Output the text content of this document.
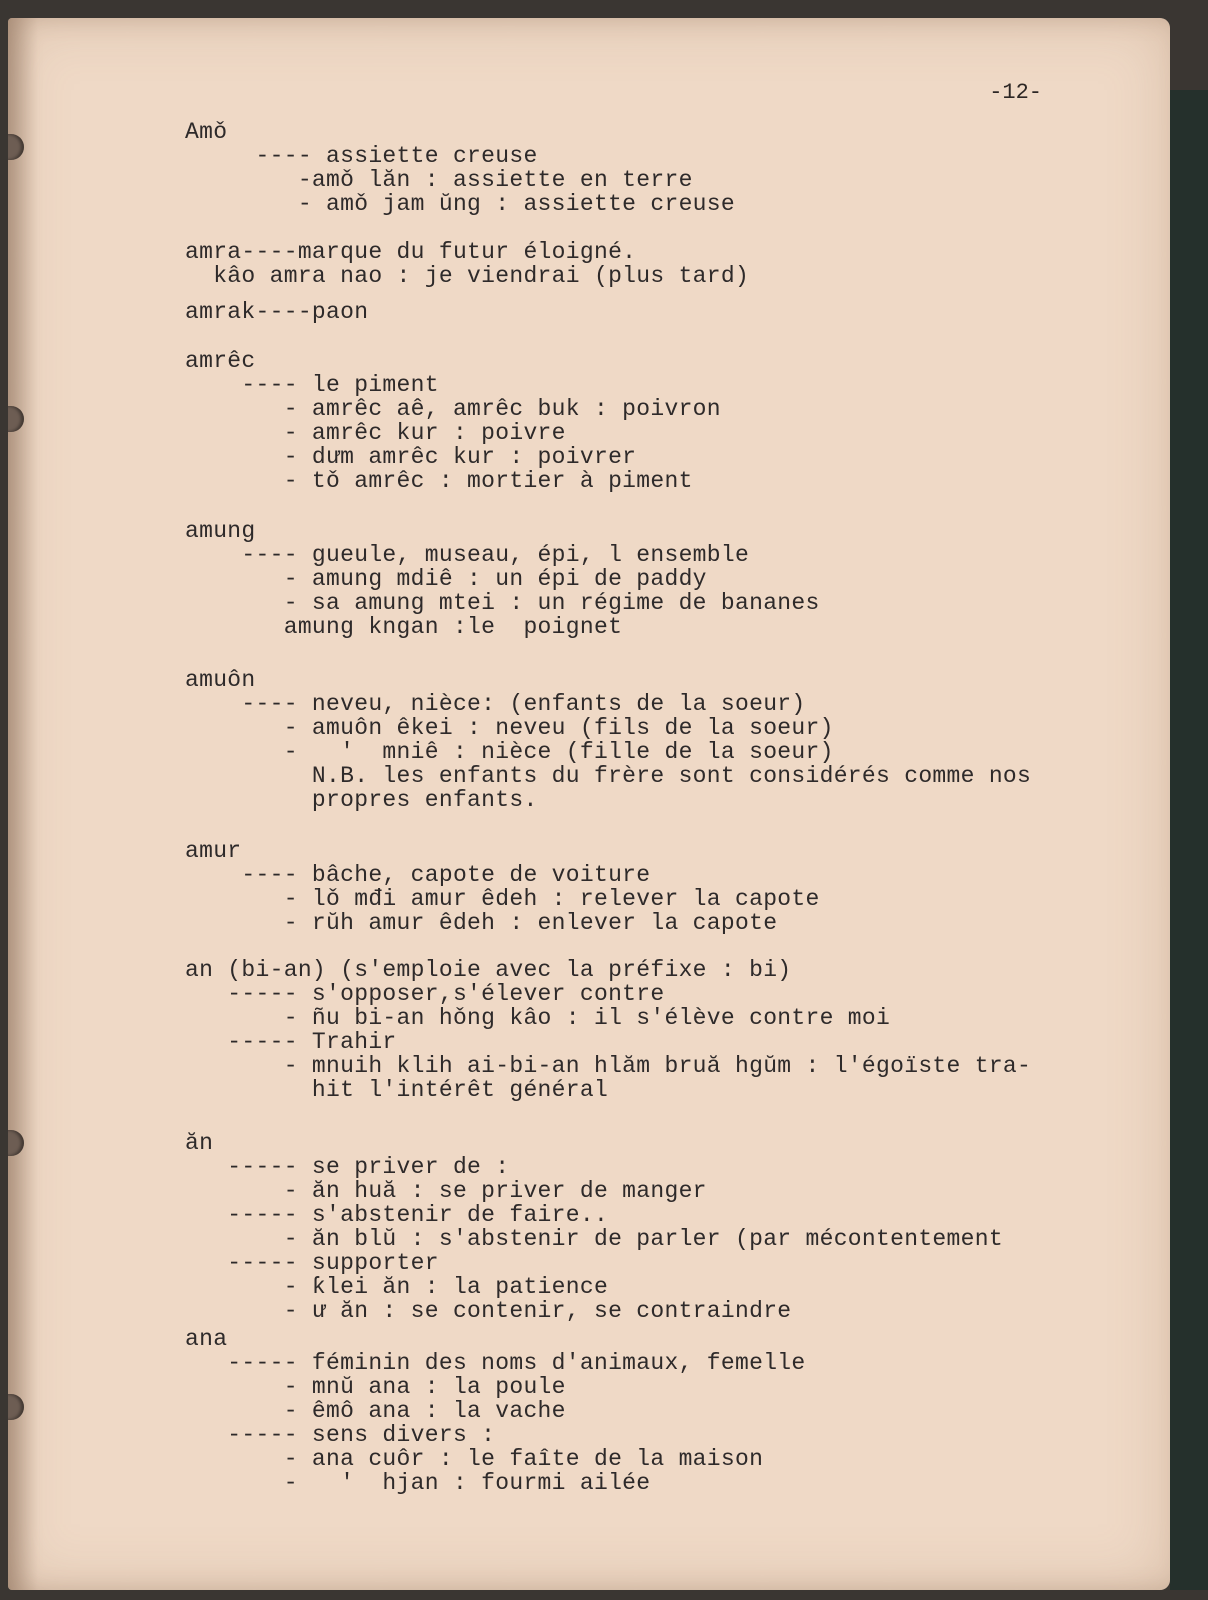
-12-
Amǒ
---- assiette creuse
-amǒ lăn : assiette en terre
- amǒ jam ŭng : assiette creuse
amra----marque du futur éloigné.
kâo amra nao : je viendrai (plus tard)
amrak----paon
amrêc
---- le piment
- amrêc aê, amrêc buk : poivron
- amrêc kur : poivre
- dưm amrêc kur : poivrer
- tǒ amrêc : mortier à piment
amung
---- gueule, museau, épi, l ensemble
- amung mdiê : un épi de paddy
- sa amung mtei : un régime de bananes
amung kngan :le  poignet
amuôn
---- neveu, nièce: (enfants de la soeur)
- amuôn êkei : neveu (fils de la soeur)
-   '  mniê : nièce (fille de la soeur)
N.B. les enfants du frère sont considérés comme nos
propres enfants.
amur
---- bâche, capote de voiture
- lǒ mđi amur êdeh : relever la capote
- rŭh amur êdeh : enlever la capote
an (bi-an) (s'emploie avec la préfixe : bi)
----- s'opposer,s'élever contre
- ñu bi-an hǒng kâo : il s'élève contre moi
----- Trahir
- mnuih klih ai-bi-an hlăm bruă hgŭm : l'égoïste tra-
hit l'intérêt général
ăn
----- se priver de :
- ăn huă : se priver de manger
----- s'abstenir de faire..
- ăn blŭ : s'abstenir de parler (par mécontentement
----- supporter
- ƙlei ăn : la patience
- ư ăn : se contenir, se contraindre
ana
----- féminin des noms d'animaux, femelle
- mnŭ ana : la poule
- êmô ana : la vache
----- sens divers :
- ana cuôr : le faîte de la maison
-   '  hjan : fourmi ailée
